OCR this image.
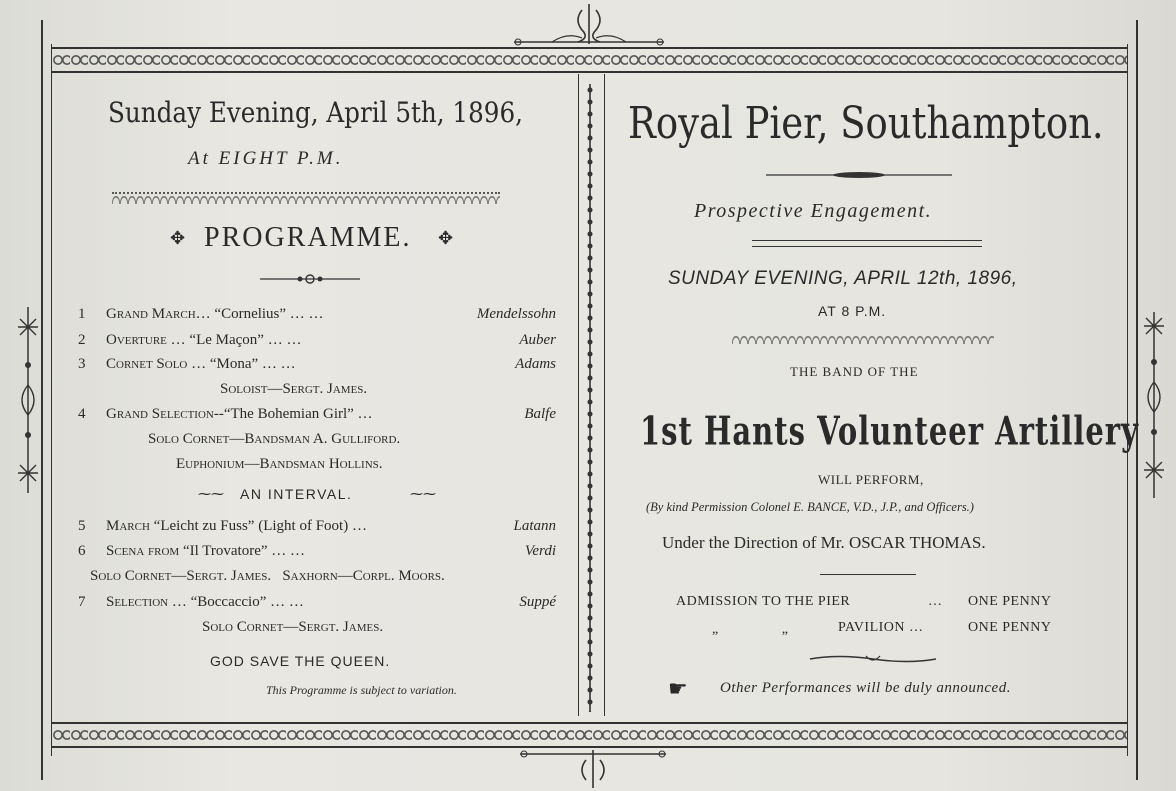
Sunday Evening, April 5th, 1896,
At EIGHT P.M.
✥ PROGRAMME. ✥
1 Grand March… “Cornelius” … …	Mendelssohn
2 Overture … “Le Maçon” … …	Auber
3 Cornet Solo … “Mona” … …	Adams
Soloist—Sergt. James.
4 Grand Selection--“The Bohemian Girl” …	Balfe
Solo Cornet—Bandsman A. Gulliford.
Euphonium—Bandsman Hollins.
⁓⁓ AN INTERVAL.	⁓⁓
5 March “Leicht zu Fuss” (Light of Foot) …	Latann
6 Scena from “Il Trovatore” … …	Verdi
Solo Cornet—Sergt. James.   Saxhorn—Corpl. Moors.
7 Selection … “Boccaccio” … …	Suppé
Solo Cornet—Sergt. James.
GOD SAVE THE QUEEN.
This Programme is subject to variation.
Royal Pier, Southampton.
Prospective Engagement.
SUNDAY EVENING, APRIL 12th, 1896,
AT 8 P.M.
THE BAND OF THE
1st Hants Volunteer Artillery
WILL PERFORM,
(By kind Permission Colonel E. BANCE, V.D., J.P., and Officers.)
Under the Direction of Mr. OSCAR THOMAS.
ADMISSION TO THE PIER	… ONE PENNY
„ „	PAVILION …	ONE PENNY
☛ Other Performances will be duly announced.
